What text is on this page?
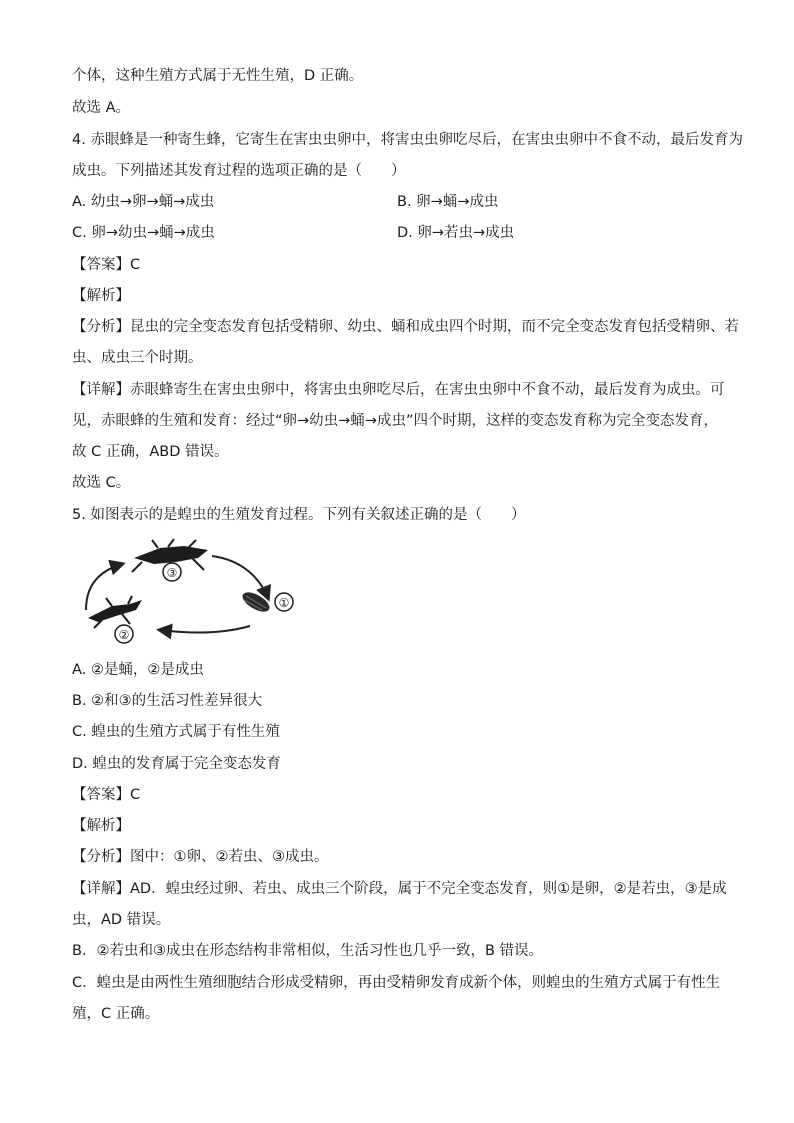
个体，这种生殖方式属于无性生殖，D 正确。
故选 A。
4. 赤眼蜂是一种寄生蜂，它寄生在害虫虫卵中，将害虫虫卵吃尽后，在害虫虫卵中不食不动，最后发育为
成虫。下列描述其发育过程的选项正确的是（　　）
A. 幼虫→卵→蛹→成虫	B. 卵→蛹→成虫
C. 卵→幼虫→蛹→成虫	D. 卵→若虫→成虫
【答案】C
【解析】
【分析】昆虫的完全变态发育包括受精卵、幼虫、蛹和成虫四个时期，而不完全变态发育包括受精卵、若
虫、成虫三个时期。
【详解】赤眼蜂寄生在害虫虫卵中，将害虫虫卵吃尽后，在害虫虫卵中不食不动，最后发育为成虫。可
见，赤眼蜂的生殖和发育：经过“卵→幼虫→蛹→成虫”四个时期，这样的变态发育称为完全变态发育，
故 C 正确，ABD 错误。
故选 C。
5. 如图表示的是蝗虫的生殖发育过程。下列有关叙述正确的是（　　）
③
①
②
A. ②是蛹，②是成虫
B. ②和③的生活习性差异很大
C. 蝗虫的生殖方式属于有性生殖
D. 蝗虫的发育属于完全变态发育
【答案】C
【解析】
【分析】图中：①卵、②若虫、③成虫。
【详解】AD．蝗虫经过卵、若虫、成虫三个阶段，属于不完全变态发育，则①是卵，②是若虫，③是成
虫，AD 错误。
B．②若虫和③成虫在形态结构非常相似，生活习性也几乎一致，B 错误。
C．蝗虫是由两性生殖细胞结合形成受精卵，再由受精卵发育成新个体，则蝗虫的生殖方式属于有性生
殖，C 正确。
